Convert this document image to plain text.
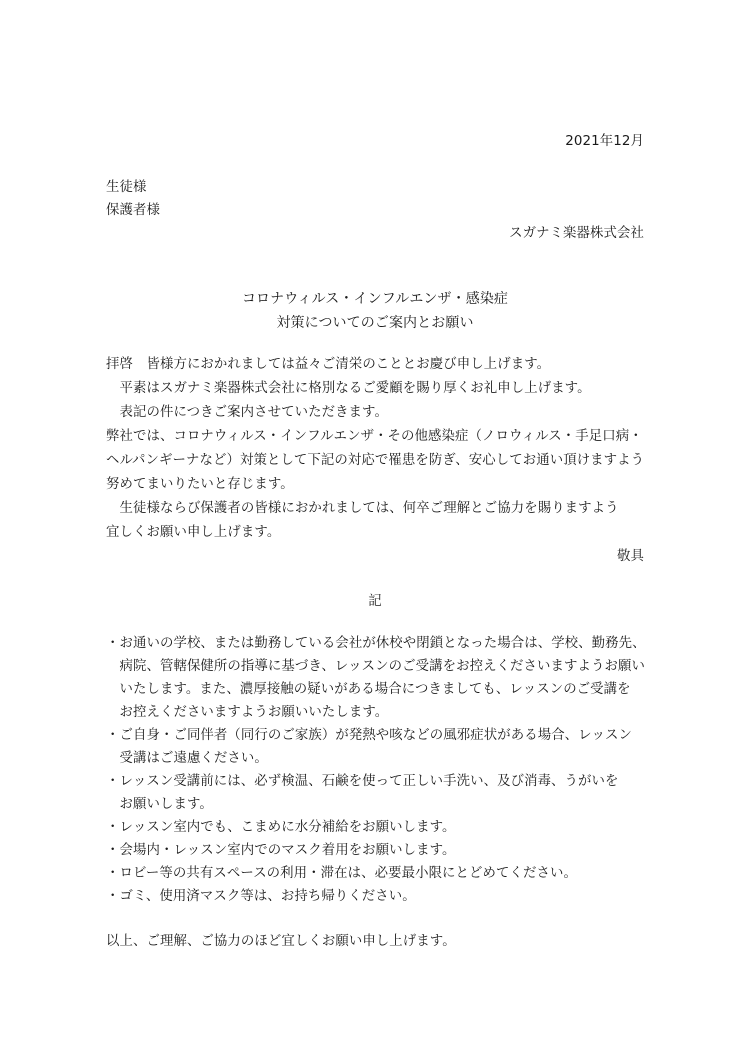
2021年12月
生徒様
保護者様
スガナミ楽器株式会社
コロナウィルス・インフルエンザ・感染症
対策についてのご案内とお願い
拝啓　皆様方におかれましては益々ご清栄のこととお慶び申し上げます。
　平素はスガナミ楽器株式会社に格別なるご愛顧を賜り厚くお礼申し上げます。
　表記の件につきご案内させていただきます。
弊社では、コロナウィルス・インフルエンザ・その他感染症（ノロウィルス・手足口病・
ヘルパンギーナなど）対策として下記の対応で罹患を防ぎ、安心してお通い頂けますよう
努めてまいりたいと存じます。
　生徒様ならび保護者の皆様におかれましては、何卒ご理解とご協力を賜りますよう
宜しくお願い申し上げます。
敬具
記
・お通いの学校、または勤務している会社が休校や閉鎖となった場合は、学校、勤務先、
　病院、管轄保健所の指導に基づき、レッスンのご受講をお控えくださいますようお願い
　いたします。また、濃厚接触の疑いがある場合につきましても、レッスンのご受講を
　お控えくださいますようお願いいたします。
・ご自身・ご同伴者（同行のご家族）が発熱や咳などの風邪症状がある場合、レッスン
　受講はご遠慮ください。
・レッスン受講前には、必ず検温、石鹸を使って正しい手洗い、及び消毒、うがいを
　お願いします。
・レッスン室内でも、こまめに水分補給をお願いします。
・会場内・レッスン室内でのマスク着用をお願いします。
・ロビー等の共有スペースの利用・滞在は、必要最小限にとどめてください。
・ゴミ、使用済マスク等は、お持ち帰りください。
以上、ご理解、ご協力のほど宜しくお願い申し上げます。
